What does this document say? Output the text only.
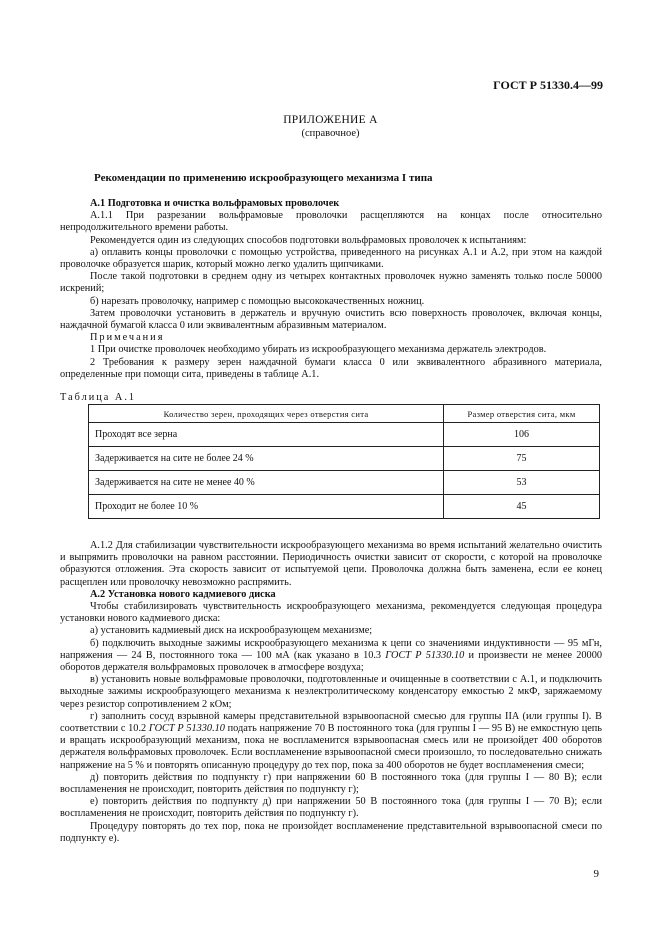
ГОСТ Р 51330.4—99
ПРИЛОЖЕНИЕ А
(справочное)
Рекомендации по применению искрообразующего механизма I типа

А.1 Подготовка и очистка вольфрамовых проволочек

А.1.1 При разрезании вольфрамовые проволочки расщепляются на концах после относительно непродолжительного времени работы.

Рекомендуется один из следующих способов подготовки вольфрамовых проволочек к испытаниям:

а) оплавить концы проволочки с помощью устройства, приведенного на рисунках А.1 и А.2, при этом на каждой проволочке образуется шарик, который можно легко удалить щипчиками.

После такой подготовки в среднем одну из четырех контактных проволочек нужно заменять только после 50000 искрений;

б) нарезать проволочку, например с помощью высококачественных ножниц.

Затем проволочки установить в держатель и вручную очистить всю поверхность проволочек, включая концы, наждачной бумагой класса 0 или эквивалентным абразивным материалом.

Примечания

1 При очистке проволочек необходимо убирать из искрообразующего механизма держатель электродов.

2 Требования к размеру зерен наждачной бумаги класса 0 или эквивалентного абразивного материала, определенные при помощи сита, приведены в таблице А.1.

Таблица А.1
Количество зерен, проходящих через отверстия сита	Размер отверстия сита, мкм
Проходят все зерна	106
Задерживается на сите не более 24 %	75
Задерживается на сите не менее 40 %	53
Проходит не более 10 %	45

А.1.2 Для стабилизации чувствительности искрообразующего механизма во время испытаний желательно очистить и выпрямить проволочки на равном расстоянии. Периодичность очистки зависит от скорости, с которой на проволочке образуются отложения. Эта скорость зависит от испытуемой цепи. Проволочка должна быть заменена, если ее конец расщеплен или проволочку невозможно распрямить.

А.2 Установка нового кадмиевого диска

Чтобы стабилизировать чувствительность искрообразующего механизма, рекомендуется следующая процедура установки нового кадмиевого диска:

а) установить кадмиевый диск на искрообразующем механизме;

б) подключить выходные зажимы искрообразующего механизма к цепи со значениями индуктивности — 95 мГн, напряжения — 24 В, постоянного тока — 100 мА (как указано в 10.3 ГОСТ Р 51330.10 и произвести не менее 20000 оборотов держателя вольфрамовых проволочек в атмосфере воздуха;

в) установить новые вольфрамовые проволочки, подготовленные и очищенные в соответствии с А.1, и подключить выходные зажимы искрообразующего механизма к неэлектролитическому конденсатору емкостью 2 мкФ, заряжаемому через резистор сопротивлением 2 кОм;

г) заполнить сосуд взрывной камеры представительной взрывоопасной смесью для группы IIA (или группы I). В соответствии с 10.2 ГОСТ Р 51330.10 подать напряжение 70 В постоянного тока (для группы I — 95 В) не емкостную цепь и вращать искрообразующий механизм, пока не воспламенится взрывоопасная смесь или не произойдет 400 оборотов держателя вольфрамовых проволочек. Если воспламенение взрывоопасной смеси произошло, то последовательно снижать напряжение на 5 % и повторять описанную процедуру до тех пор, пока за 400 оборотов не будет воспламенения смеси;

д) повторить действия по подпункту г) при напряжении 60 В постоянного тока (для группы I — 80 В); если воспламенения не происходит, повторить действия по подпункту г);

е) повторить действия по подпункту д) при напряжении 50 В постоянного тока (для группы I — 70 В); если воспламенения не происходит, повторить действия по подпункту г).

Процедуру повторять до тех пор, пока не произойдет воспламенение представительной взрывоопасной смеси по подпункту е).

9
